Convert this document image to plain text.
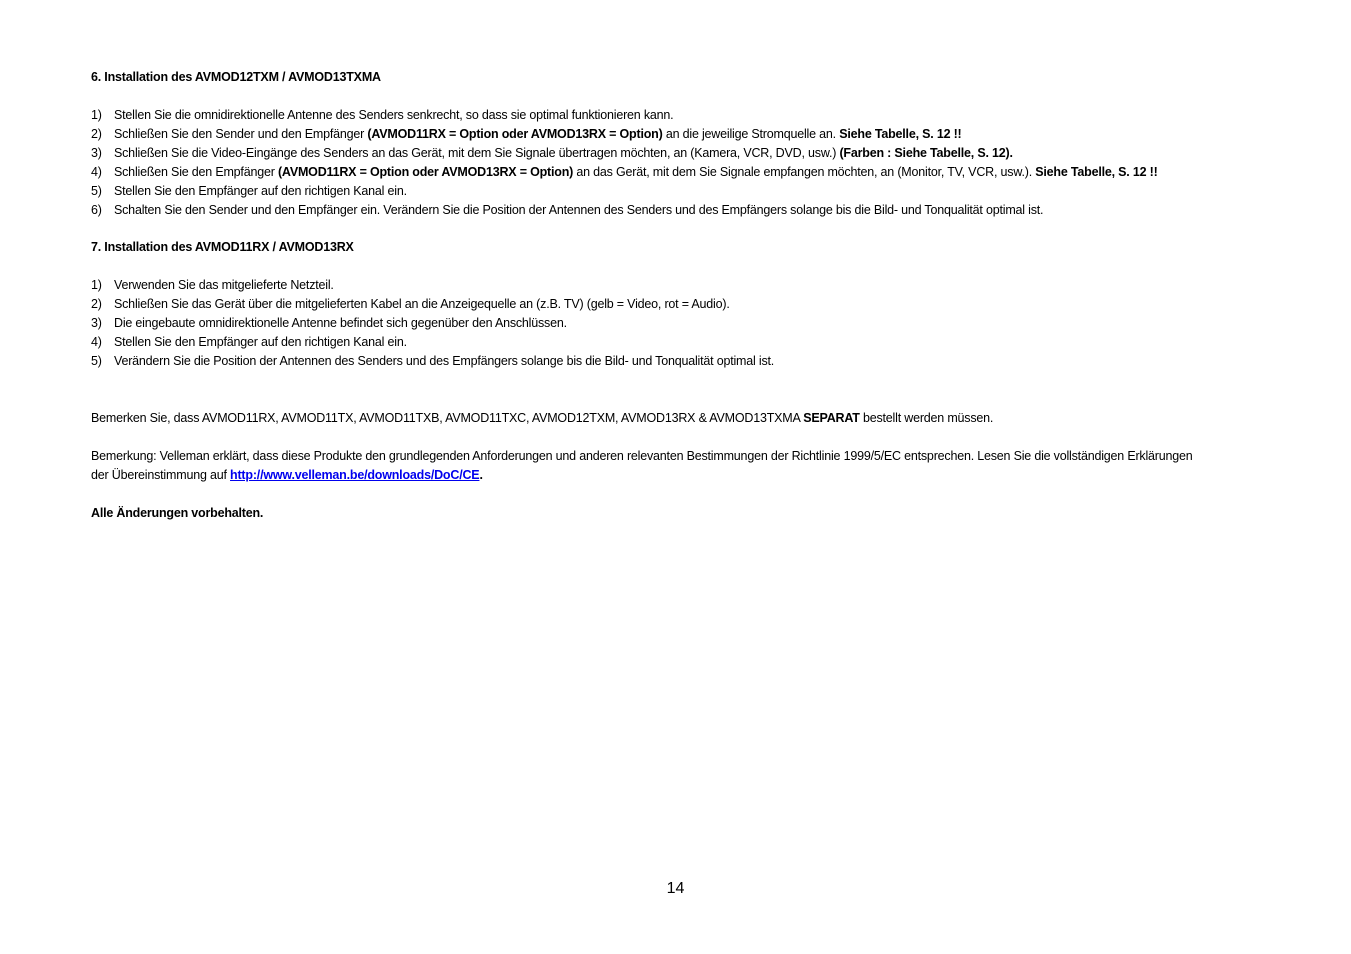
6. Installation des AVMOD12TXM / AVMOD13TXMA
1) Stellen Sie die omnidirektionelle Antenne des Senders senkrecht, so dass sie optimal funktionieren kann.
2) Schließen Sie den Sender und den Empfänger (AVMOD11RX = Option oder AVMOD13RX = Option) an die jeweilige Stromquelle an. Siehe Tabelle, S. 12 !!
3) Schließen Sie die Video-Eingänge des Senders an das Gerät, mit dem Sie Signale übertragen möchten, an (Kamera, VCR, DVD, usw.) (Farben : Siehe Tabelle, S. 12).
4) Schließen Sie den Empfänger (AVMOD11RX = Option oder AVMOD13RX = Option) an das Gerät, mit dem Sie Signale empfangen möchten, an (Monitor, TV, VCR, usw.). Siehe Tabelle, S. 12 !!
5) Stellen Sie den Empfänger auf den richtigen Kanal ein.
6) Schalten Sie den Sender und den Empfänger ein. Verändern Sie die Position der Antennen des Senders und des Empfängers solange bis die Bild- und Tonqualität optimal ist.
7. Installation des AVMOD11RX / AVMOD13RX
1) Verwenden Sie das mitgelieferte Netzteil.
2) Schließen Sie das Gerät über die mitgelieferten Kabel an die Anzeigequelle an (z.B. TV) (gelb = Video, rot = Audio).
3) Die eingebaute omnidirektionelle Antenne befindet sich gegenüber den Anschlüssen.
4) Stellen Sie den Empfänger auf den richtigen Kanal ein.
5) Verändern Sie die Position der Antennen des Senders und des Empfängers solange bis die Bild- und Tonqualität optimal ist.

Bemerken Sie, dass AVMOD11RX, AVMOD11TX, AVMOD11TXB, AVMOD11TXC, AVMOD12TXM, AVMOD13RX & AVMOD13TXMA SEPARAT bestellt werden müssen.

Bemerkung: Velleman erklärt, dass diese Produkte den grundlegenden Anforderungen und anderen relevanten Bestimmungen der Richtlinie 1999/5/EC entsprechen. Lesen Sie die vollständigen Erklärungen
der Übereinstimmung auf http://www.velleman.be/downloads/DoC/CE.

Alle Änderungen vorbehalten.

14
